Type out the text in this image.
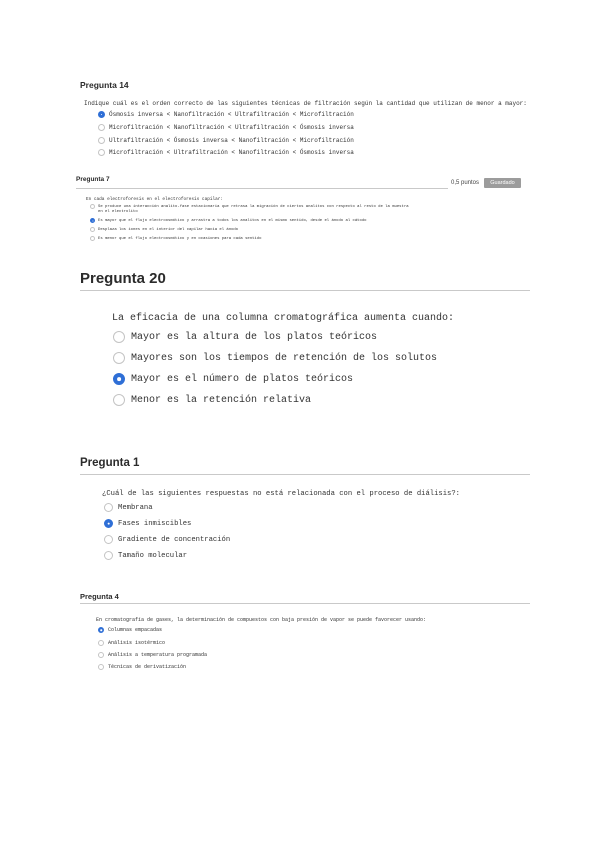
Pregunta 14
Indique cuál es el orden correcto de las siguientes técnicas de filtración según la cantidad que utilizan de menor a mayor:
Ósmosis inversa < Nanofiltración < Ultrafiltración < Microfiltración
Microfiltración < Nanofiltración < Ultrafiltración < Ósmosis inversa
Ultrafiltración < Ósmosis inversa < Nanofiltración < Microfiltración
Microfiltración < Ultrafiltración < Nanofiltración < Ósmosis inversa
Pregunta 7	0,5 puntos	Guardado
En cada electroforesis en el electroforesis capilar:
Se produce una interacción analito-fase estacionaria que retrasa la migración de ciertos analitos con respecto al resto de la muestra
en el electrolito
Es mayor que el flujo electroosmótico y arrastra a todos los analitos en el mismo sentido, desde el ánodo al cátodo
Desplaza los iones en el interior del capilar hacia el ánodo
Es menor que el flujo electroosmótico y en ocasiones para cada sentido
Pregunta 20
La eficacia de una columna cromatográfica aumenta cuando:
Mayor es la altura de los platos teóricos
Mayores son los tiempos de retención de los solutos
Mayor es el número de platos teóricos
Menor es la retención relativa
Pregunta 1
¿Cuál de las siguientes respuestas no está relacionada con el proceso de diálisis?:
Membrana
Fases inmiscibles
Gradiente de concentración
Tamaño molecular
Pregunta 4
En cromatografía de gases, la determinación de compuestos con baja presión de vapor se puede favorecer usando:
Columnas empacadas
Análisis isotérmico
Análisis a temperatura programada
Técnicas de derivatización
